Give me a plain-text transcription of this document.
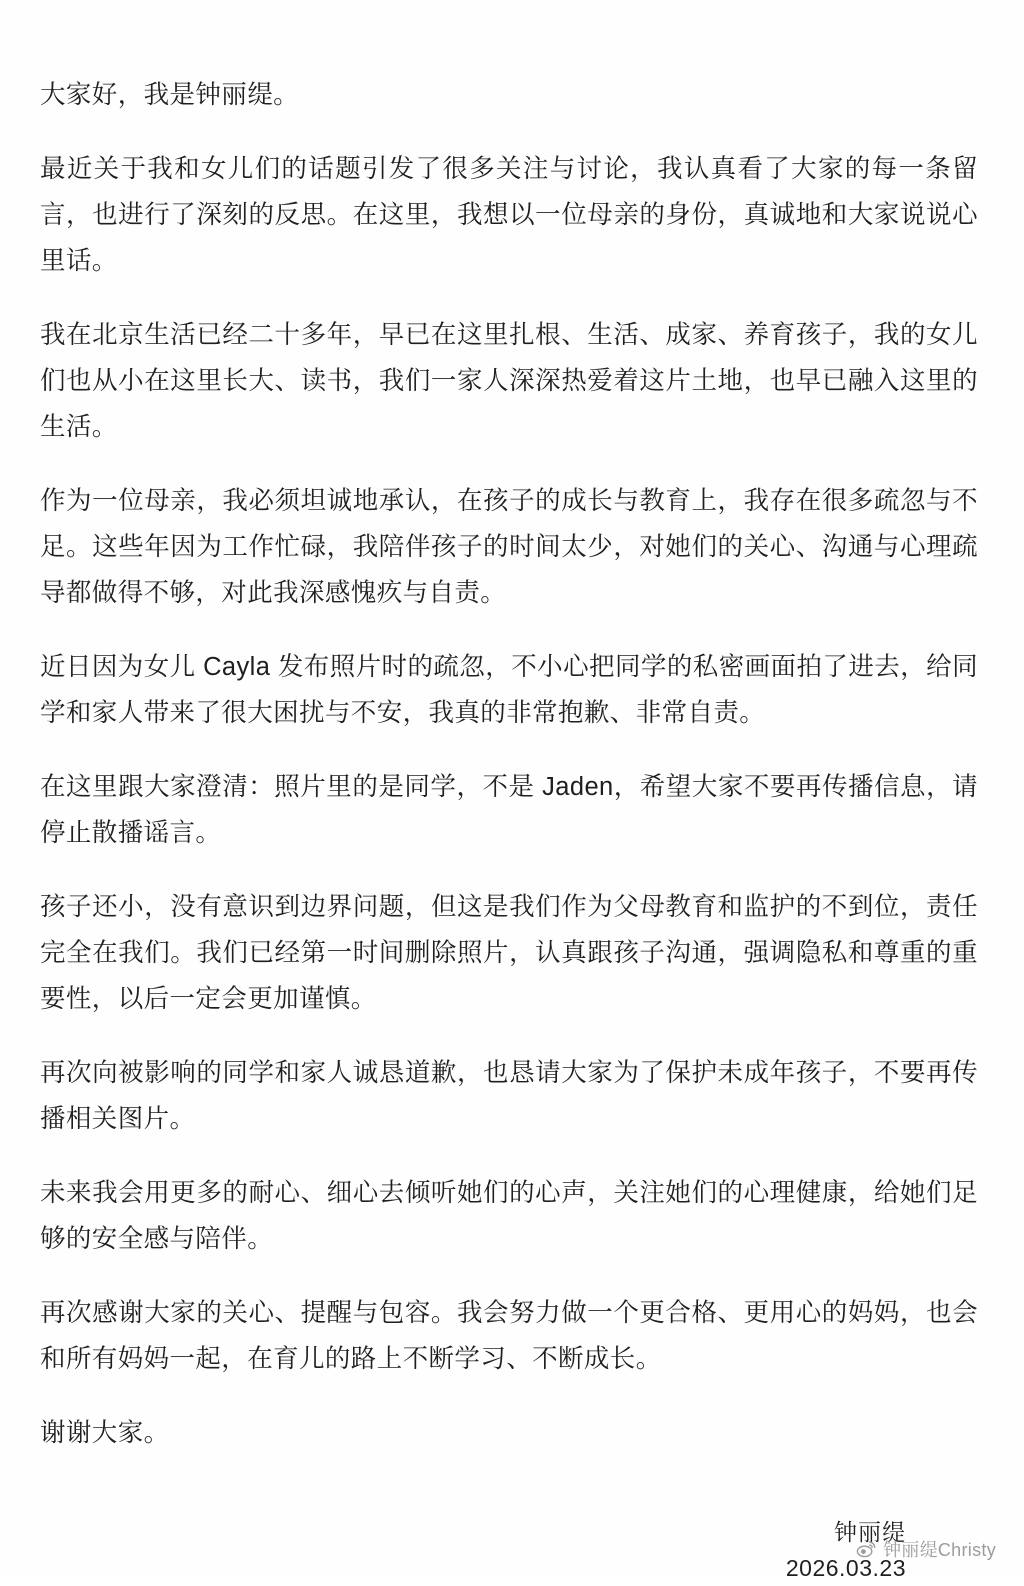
大家好，我是钟丽缇。

最近关于我和女儿们的话题引发了很多关注与讨论，我认真看了大家的每一条留言，也进行了深刻的反思。在这里，我想以一位母亲的身份，真诚地和大家说说心里话。

我在北京生活已经二十多年，早已在这里扎根、生活、成家、养育孩子，我的女儿们也从小在这里长大、读书，我们一家人深深热爱着这片土地，也早已融入这里的生活。

作为一位母亲，我必须坦诚地承认，在孩子的成长与教育上，我存在很多疏忽与不足。这些年因为工作忙碌，我陪伴孩子的时间太少，对她们的关心、沟通与心理疏导都做得不够，对此我深感愧疚与自责。

近日因为女儿 Cayla 发布照片时的疏忽，不小心把同学的私密画面拍了进去，给同学和家人带来了很大困扰与不安，我真的非常抱歉、非常自责。

在这里跟大家澄清：照片里的是同学，不是 Jaden，希望大家不要再传播信息，请停止散播谣言。

孩子还小，没有意识到边界问题，但这是我们作为父母教育和监护的不到位，责任完全在我们。我们已经第一时间删除照片，认真跟孩子沟通，强调隐私和尊重的重要性，以后一定会更加谨慎。

再次向被影响的同学和家人诚恳道歉，也恳请大家为了保护未成年孩子，不要再传播相关图片。

未来我会用更多的耐心、细心去倾听她们的心声，关注她们的心理健康，给她们足够的安全感与陪伴。

再次感谢大家的关心、提醒与包容。我会努力做一个更合格、更用心的妈妈，也会和所有妈妈一起，在育儿的路上不断学习、不断成长。

谢谢大家。

钟丽缇
2026.03.23
钟丽缇Christy
